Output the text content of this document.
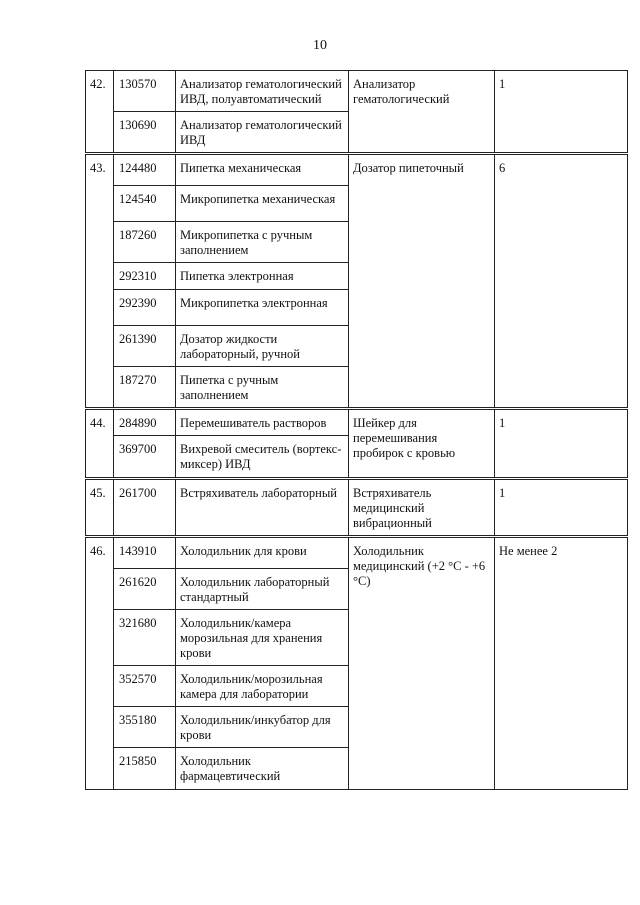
10
42.	130570	Анализатор гематологический ИВД, полуавтоматический	Анализатор гематологический	1
	130690	Анализатор гематологический ИВД		
43.	124480	Пипетка механическая	Дозатор пипеточный	6
	124540	Микропипетка механическая		
	187260	Микропипетка с ручным заполнением		
	292310	Пипетка электронная		
	292390	Микропипетка электронная		
	261390	Дозатор жидкости лабораторный, ручной		
	187270	Пипетка с ручным заполнением		
44.	284890	Перемешиватель растворов	Шейкер для перемешивания пробирок с кровью	1
	369700	Вихревой смеситель (вортекс-миксер) ИВД		
45.	261700	Встряхиватель лабораторный	Встряхиватель медицинский вибрационный	1
46.	143910	Холодильник для крови	Холодильник медицинский (+2 °С - +6 °С)	Не менее 2
	261620	Холодильник лабораторный стандартный		
	321680	Холодильник/камера морозильная для хранения крови		
	352570	Холодильник/морозильная камера для лаборатории		
	355180	Холодильник/инкубатор для крови		
	215850	Холодильник фармацевтический		
